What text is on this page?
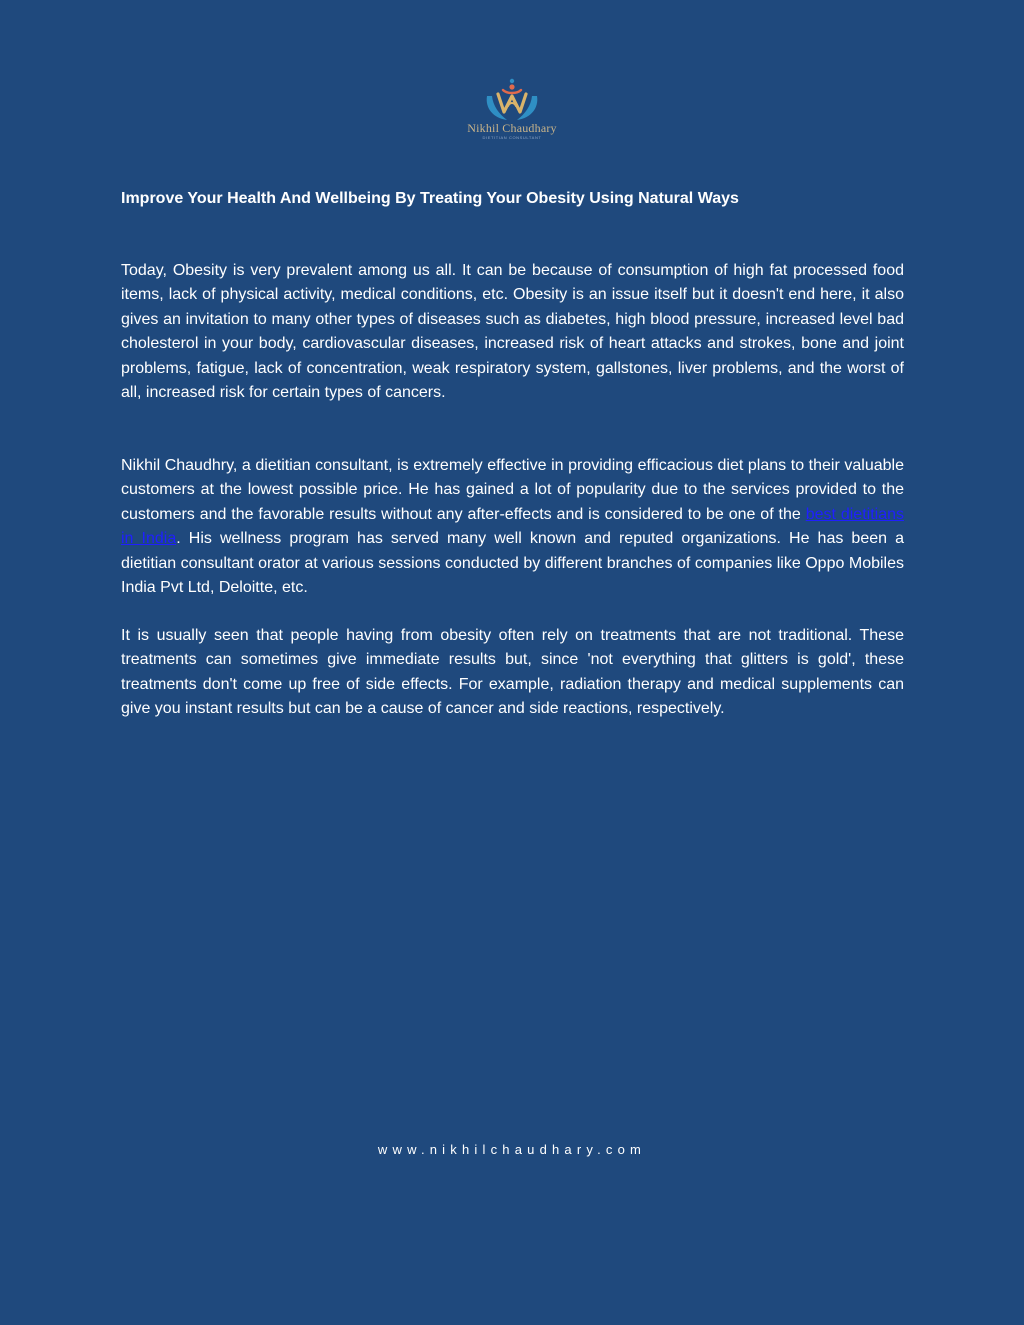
Nikhil Chaudhary
DIETITIAN CONSULTANT
Improve Your Health And Wellbeing By Treating Your Obesity Using Natural Ways

Today, Obesity is very prevalent among us all. It can be because of consumption of high fat processed food items, lack of physical activity, medical conditions, etc. Obesity is an issue itself but it doesn't end here, it also gives an invitation to many other types of diseases such as diabetes, high blood pressure, increased level bad cholesterol in your body, cardiovascular diseases, increased risk of heart attacks and strokes, bone and joint problems, fatigue, lack of concentration, weak respiratory system, gallstones, liver problems, and the worst of all, increased risk for certain types of cancers.

Nikhil Chaudhry, a dietitian consultant, is extremely effective in providing efficacious diet plans to their valuable customers at the lowest possible price. He has gained a lot of popularity due to the services provided to the customers and the favorable results without any after-effects and is considered to be one of the best dietitians in India. His wellness program has served many well known and reputed organizations. He has been a dietitian consultant orator at various sessions conducted by different branches of companies like Oppo Mobiles India Pvt Ltd, Deloitte, etc.

It is usually seen that people having from obesity often rely on treatments that are not traditional. These treatments can sometimes give immediate results but, since 'not everything that glitters is gold', these treatments don't come up free of side effects. For example, radiation therapy and medical supplements can give you instant results but can be a cause of cancer and side reactions, respectively.

www.nikhilchaudhary.com
